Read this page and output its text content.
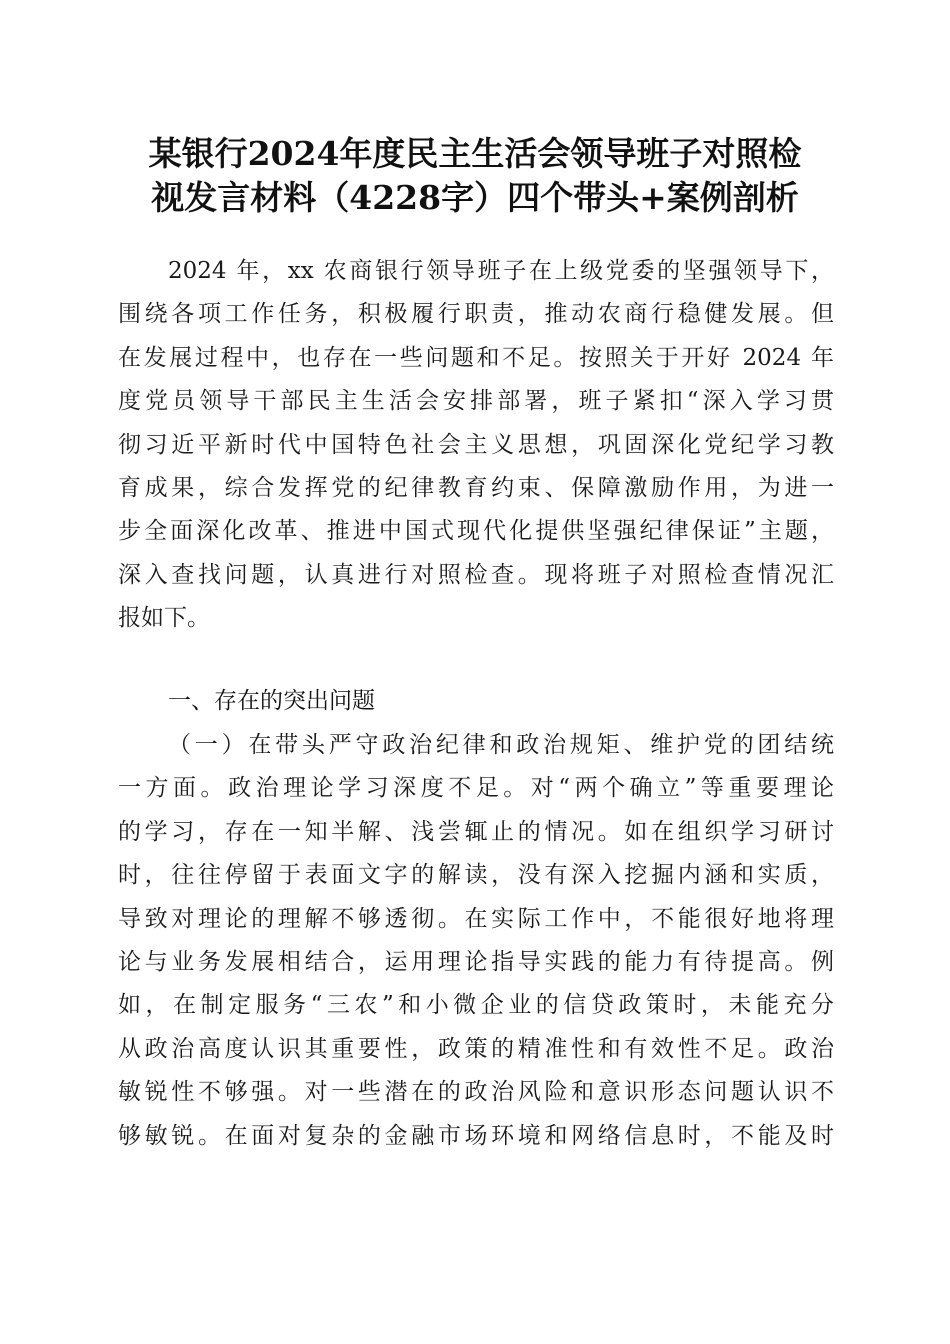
某银行2024年度民主生活会领导班子对照检
视发言材料（4228字）四个带头+案例剖析
2024 年，xx 农商银行领导班子在上级党委的坚强领导下，
围绕各项工作任务，积极履行职责，推动农商行稳健发展。但
在发展过程中，也存在一些问题和不足。按照关于开好 2024 年
度党员领导干部民主生活会安排部署，班子紧扣“深入学习贯
彻习近平新时代中国特色社会主义思想，巩固深化党纪学习教
育成果，综合发挥党的纪律教育约束、保障激励作用，为进一
步全面深化改革、推进中国式现代化提供坚强纪律保证”主题，
深入查找问题，认真进行对照检查。现将班子对照检查情况汇
报如下。
一、存在的突出问题
（一）在带头严守政治纪律和政治规矩、维护党的团结统
一方面。政治理论学习深度不足。对“两个确立”等重要理论
的学习，存在一知半解、浅尝辄止的情况。如在组织学习研讨
时，往往停留于表面文字的解读，没有深入挖掘内涵和实质，
导致对理论的理解不够透彻。在实际工作中，不能很好地将理
论与业务发展相结合，运用理论指导实践的能力有待提高。例
如，在制定服务“三农”和小微企业的信贷政策时，未能充分
从政治高度认识其重要性，政策的精准性和有效性不足。政治
敏锐性不够强。对一些潜在的政治风险和意识形态问题认识不
够敏锐。在面对复杂的金融市场环境和网络信息时，不能及时
